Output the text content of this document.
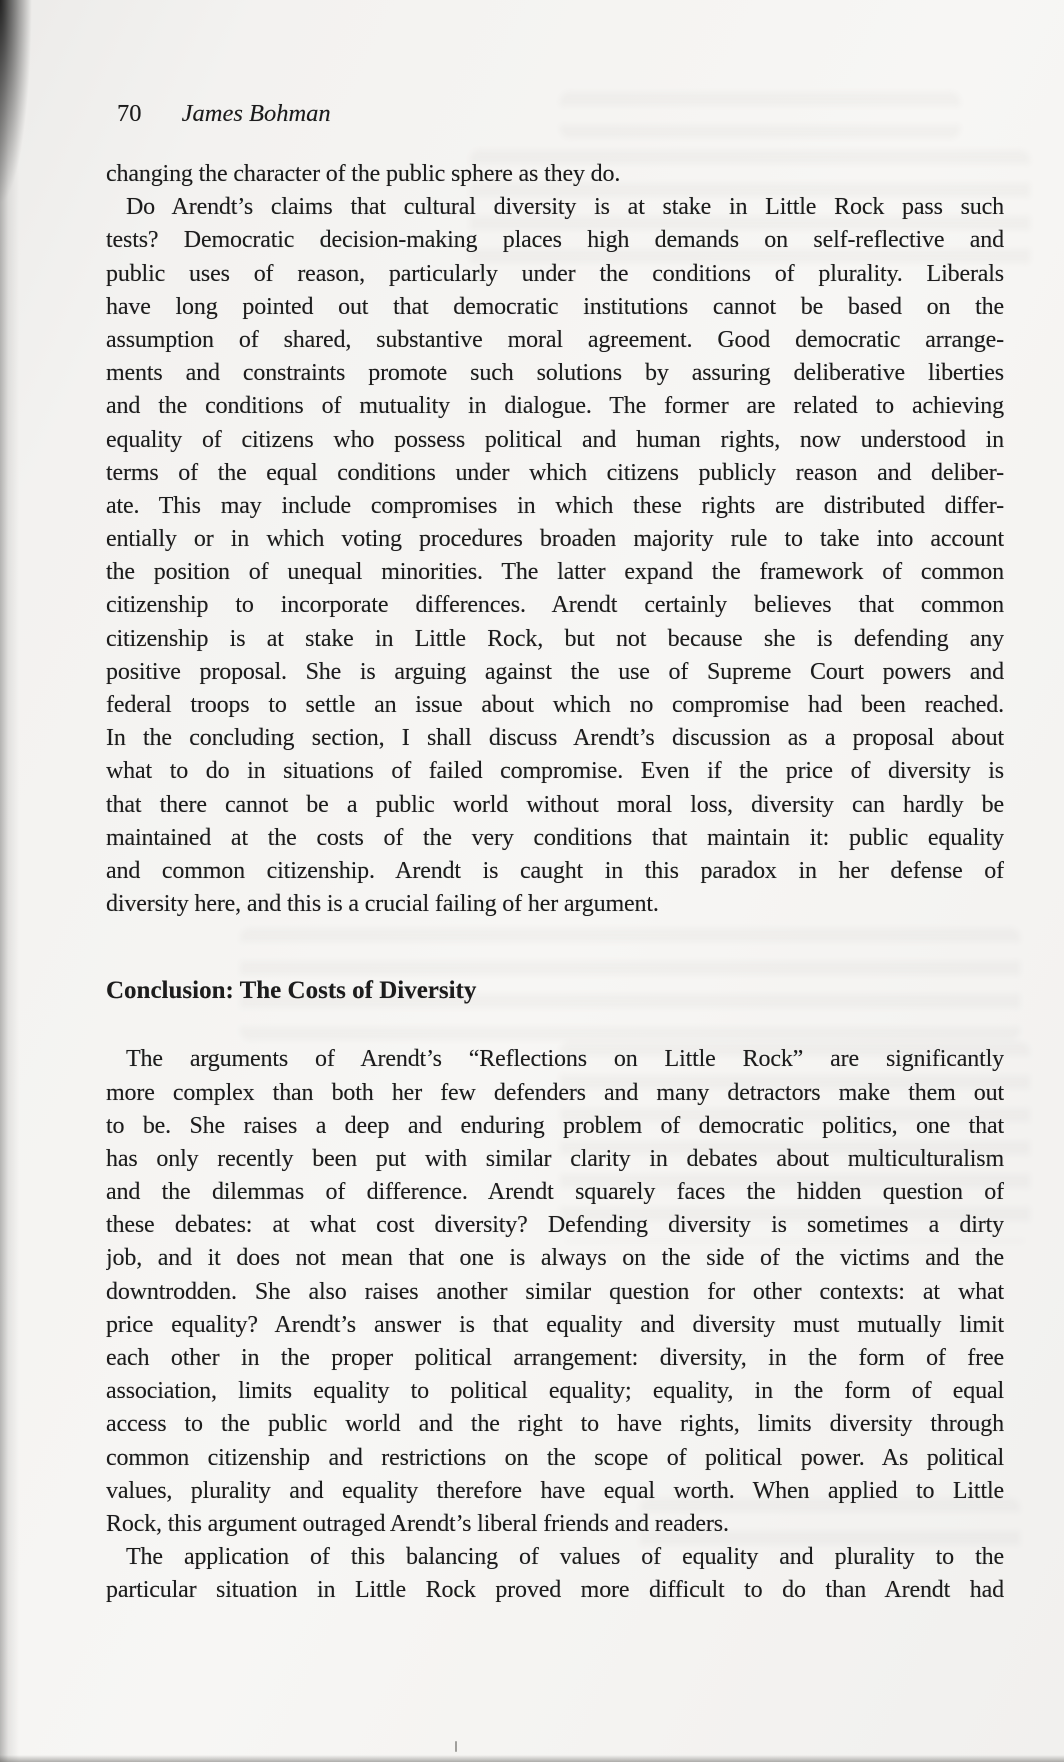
70 James Bohman
changing the character of the public sphere as they do.
Do Arendt’s claims that cultural diversity is at stake in Little Rock pass such
tests? Democratic decision-making places high demands on self-reflective and
public uses of reason, particularly under the conditions of plurality. Liberals
have long pointed out that democratic institutions cannot be based on the
assumption of shared, substantive moral agreement. Good democratic arrange-
ments and constraints promote such solutions by assuring deliberative liberties
and the conditions of mutuality in dialogue. The former are related to achieving
equality of citizens who possess political and human rights, now understood in
terms of the equal conditions under which citizens publicly reason and deliber-
ate. This may include compromises in which these rights are distributed differ-
entially or in which voting procedures broaden majority rule to take into account
the position of unequal minorities. The latter expand the framework of common
citizenship to incorporate differences. Arendt certainly believes that common
citizenship is at stake in Little Rock, but not because she is defending any
positive proposal. She is arguing against the use of Supreme Court powers and
federal troops to settle an issue about which no compromise had been reached.
In the concluding section, I shall discuss Arendt’s discussion as a proposal about
what to do in situations of failed compromise. Even if the price of diversity is
that there cannot be a public world without moral loss, diversity can hardly be
maintained at the costs of the very conditions that maintain it: public equality
and common citizenship. Arendt is caught in this paradox in her defense of
diversity here, and this is a crucial failing of her argument.
Conclusion: The Costs of Diversity
The arguments of Arendt’s “Reflections on Little Rock” are significantly
more complex than both her few defenders and many detractors make them out
to be. She raises a deep and enduring problem of democratic politics, one that
has only recently been put with similar clarity in debates about multiculturalism
and the dilemmas of difference. Arendt squarely faces the hidden question of
these debates: at what cost diversity? Defending diversity is sometimes a dirty
job, and it does not mean that one is always on the side of the victims and the
downtrodden. She also raises another similar question for other contexts: at what
price equality? Arendt’s answer is that equality and diversity must mutually limit
each other in the proper political arrangement: diversity, in the form of free
association, limits equality to political equality; equality, in the form of equal
access to the public world and the right to have rights, limits diversity through
common citizenship and restrictions on the scope of political power. As political
values, plurality and equality therefore have equal worth. When applied to Little
Rock, this argument outraged Arendt’s liberal friends and readers.
The application of this balancing of values of equality and plurality to the
particular situation in Little Rock proved more difficult to do than Arendt had
